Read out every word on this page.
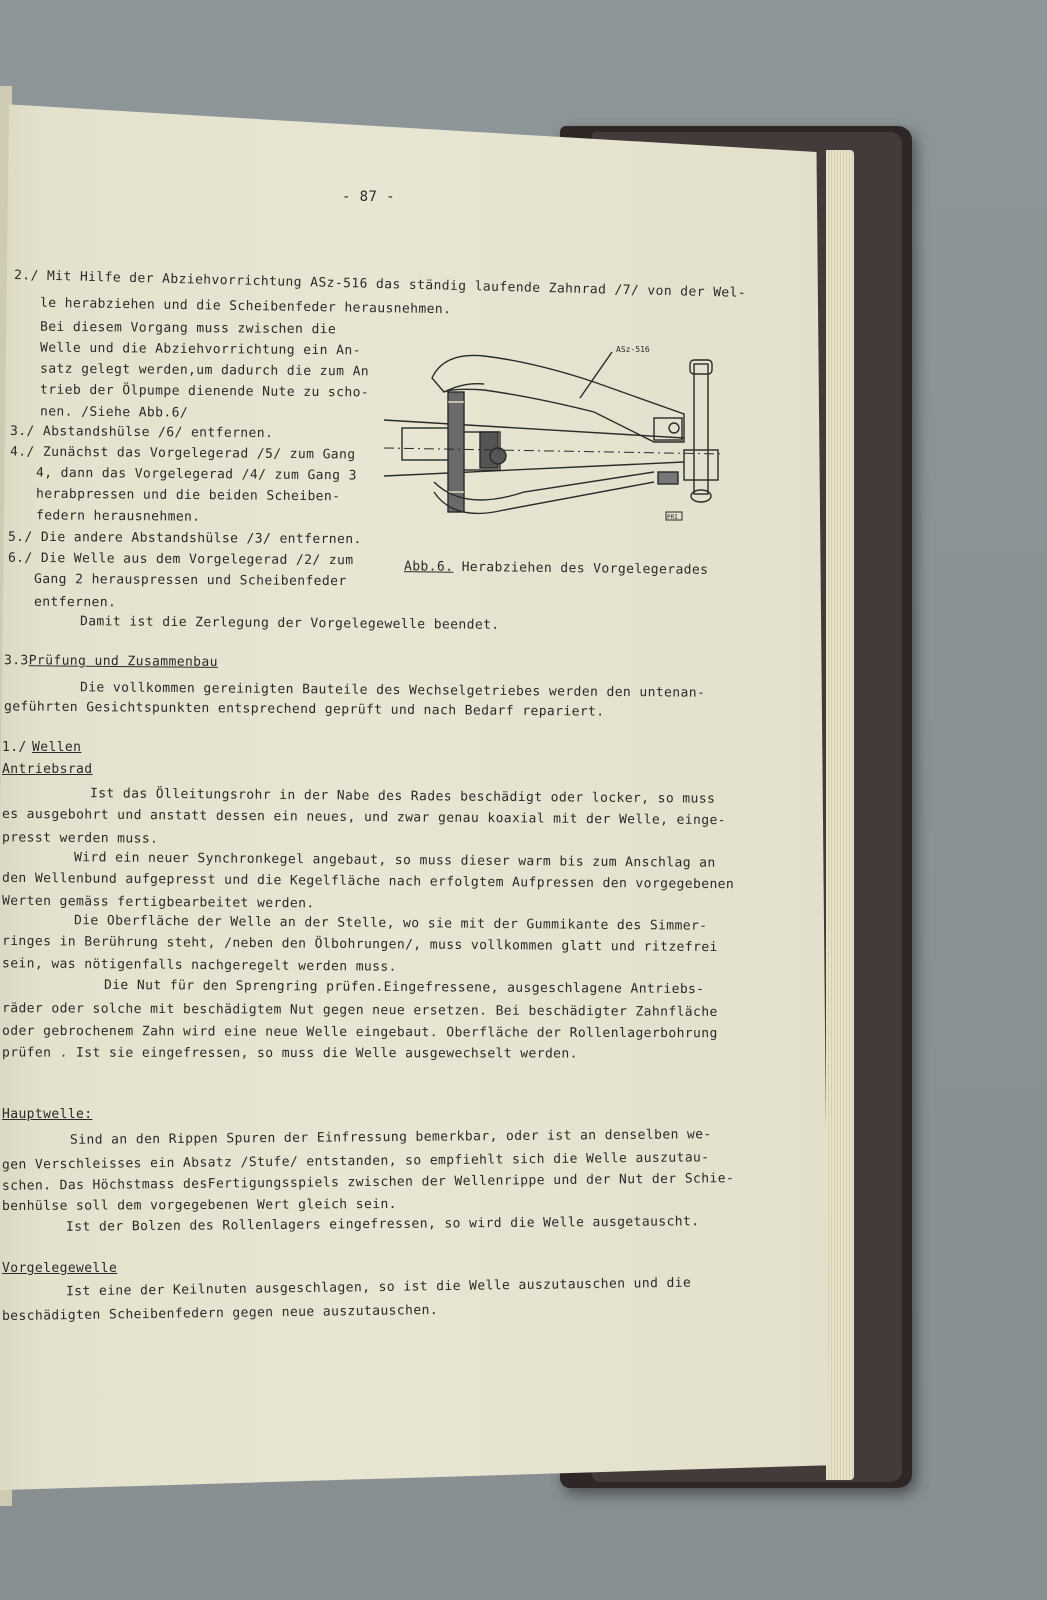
- 87 -
2./ Mit Hilfe der Abziehvorrichtung ASz-516 das ständig laufende Zahnrad /7/ von der Wel-
le herabziehen und die Scheibenfeder herausnehmen.
Bei diesem Vorgang muss zwischen die
Welle und die Abziehvorrichtung ein An-
satz gelegt werden,um dadurch die zum An
trieb der Ölpumpe dienende Nute zu scho-
nen. /Siehe Abb.6/
3./ Abstandshülse /6/ entfernen.
4./ Zunächst das Vorgelegerad /5/ zum Gang
4, dann das Vorgelegerad /4/ zum Gang 3
herabpressen und die beiden Scheiben-
federn herausnehmen.
5./ Die andere Abstandshülse /3/ entfernen.
6./ Die Welle aus dem Vorgelegerad /2/ zum
Gang 2 herauspressen und Scheibenfeder
entfernen.
Damit ist die Zerlegung der Vorgelegewelle beendet.
ASz-516
PRI
Abb.6. Herabziehen des Vorgelegerades
3.3Prüfung und Zusammenbau
1./ Wellen
Antriebsrad
Hauptwelle:
Vorgelegewelle
Die vollkommen gereinigten Bauteile des Wechselgetriebes werden den untenan-
geführten Gesichtspunkten entsprechend geprüft und nach Bedarf repariert.
Ist das Ölleitungsrohr in der Nabe des Rades beschädigt oder locker, so muss
es ausgebohrt und anstatt dessen ein neues, und zwar genau koaxial mit der Welle, einge-
presst werden muss.
Wird ein neuer Synchronkegel angebaut, so muss dieser warm bis zum Anschlag an
den Wellenbund aufgepresst und die Kegelfläche nach erfolgtem Aufpressen den vorgegebenen
Werten gemäss fertigbearbeitet werden.
Die Oberfläche der Welle an der Stelle, wo sie mit der Gummikante des Simmer-
ringes in Berührung steht, /neben den Ölbohrungen/, muss vollkommen glatt und ritzefrei
sein, was nötigenfalls nachgeregelt werden muss.
Die Nut für den Sprengring prüfen.Eingefressene, ausgeschlagene Antriebs-
räder oder solche mit beschädigtem Nut gegen neue ersetzen. Bei beschädigter Zahnfläche
oder gebrochenem Zahn wird eine neue Welle eingebaut. Oberfläche der Rollenlagerbohrung
prüfen . Ist sie eingefressen, so muss die Welle ausgewechselt werden.
Sind an den Rippen Spuren der Einfressung bemerkbar, oder ist an denselben we-
gen Verschleisses ein Absatz /Stufe/ entstanden, so empfiehlt sich die Welle auszutau-
schen. Das Höchstmass desFertigungsspiels zwischen der Wellenrippe und der Nut der Schie-
benhülse soll dem vorgegebenen Wert gleich sein.
Ist der Bolzen des Rollenlagers eingefressen, so wird die Welle ausgetauscht.
Ist eine der Keilnuten ausgeschlagen, so ist die Welle auszutauschen und die
beschädigten Scheibenfedern gegen neue auszutauschen.
